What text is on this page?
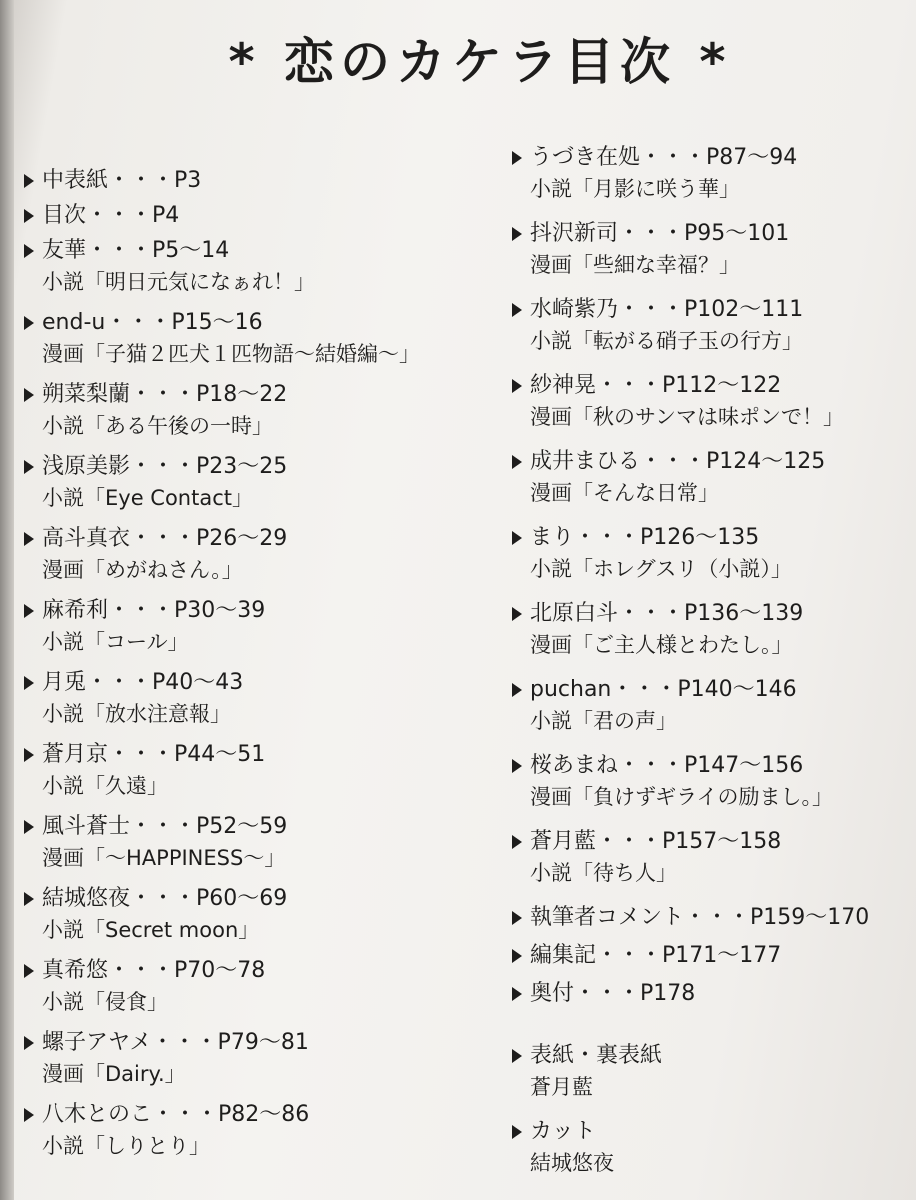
* 恋のカケラ目次 *
中表紙・・・P3
目次・・・P4
友華・・・P5～14
小説「明日元気になぁれ！」
end-u・・・P15～16
漫画「子猫２匹犬１匹物語～結婚編～」
朔菜梨蘭・・・P18～22
小説「ある午後の一時」
浅原美影・・・P23～25
小説「Eye Contact」
高斗真衣・・・P26～29
漫画「めがねさん。」
麻希利・・・P30～39
小説「コール」
月兎・・・P40～43
小説「放水注意報」
蒼月京・・・P44～51
小説「久遠」
風斗蒼士・・・P52～59
漫画「～HAPPINESS～」
結城悠夜・・・P60～69
小説「Secret moon」
真希悠・・・P70～78
小説「侵食」
螺子アヤメ・・・P79～81
漫画「Dairy.」
八木とのこ・・・P82～86
小説「しりとり」
うづき在処・・・P87～94
小説「月影に咲う華」
抖沢新司・・・P95～101
漫画「些細な幸福？」
水崎紫乃・・・P102～111
小説「転がる硝子玉の行方」
紗神晃・・・P112～122
漫画「秋のサンマは味ポンで！」
成井まひる・・・P124～125
漫画「そんな日常」
まり・・・P126～135
小説「ホレグスリ（小説）」
北原白斗・・・P136～139
漫画「ご主人様とわたし。」
puchan・・・P140～146
小説「君の声」
桜あまね・・・P147～156
漫画「負けずギライの励まし。」
蒼月藍・・・P157～158
小説「待ち人」
執筆者コメント・・・P159～170
編集記・・・P171～177
奥付・・・P178
表紙・裏表紙
蒼月藍
カット
結城悠夜
